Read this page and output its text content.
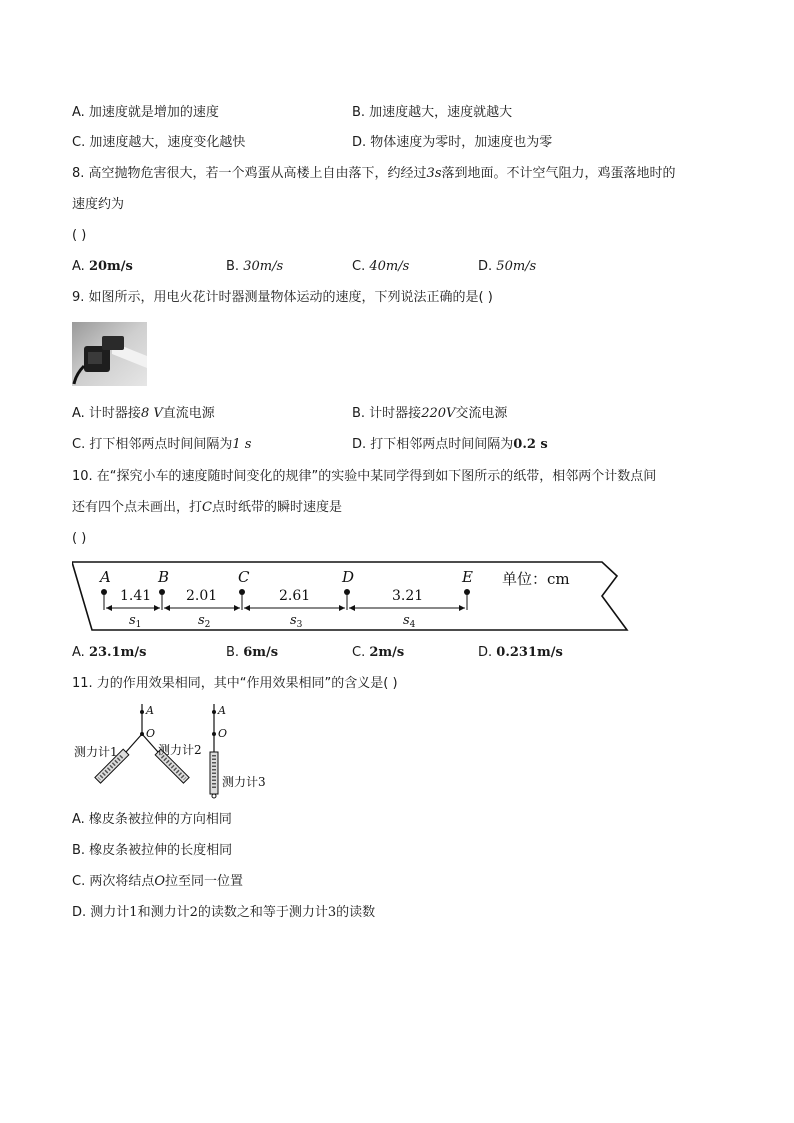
A. 加速度就是增加的速度	B. 加速度越大，速度就越大
C. 加速度越大，速度变化越快	D. 物体速度为零时，加速度也为零
8. 高空抛物危害很大，若一个鸡蛋从高楼上自由落下，约经过3s落到地面。不计空气阻力，鸡蛋落地时的
速度约为
( )
A. 20m/s	B. 30m/s	C. 40m/s	D. 50m/s
9. 如图所示，用电火花计时器测量物体运动的速度，下列说法正确的是( )
A. 计时器接8 V直流电源	B. 计时器接220V交流电源
C. 打下相邻两点时间间隔为1 s	D. 打下相邻两点时间间隔为0.2 s
10. 在“探究小车的速度随时间变化的规律”的实验中某同学得到如下图所示的纸带，相邻两个计数点间
还有四个点未画出，打C点时纸带的瞬时速度是
( )
单位：cm
A	B	C	D	E
1.41 2.01	2.61	3.21
$s_1$	$s_2$	$s_3$	$s_4$
A. 23.1m/s	B. 6m/s	C. 2m/s	D. 0.231m/s
11. 力的作用效果相同，其中“作用效果相同”的含义是( )
A
O
A
O
测力计1	测力计2
测力计3
A. 橡皮条被拉伸的方向相同
B. 橡皮条被拉伸的长度相同
C. 两次将结点O拉至同一位置
D. 测力计1和测力计2的读数之和等于测力计3的读数
